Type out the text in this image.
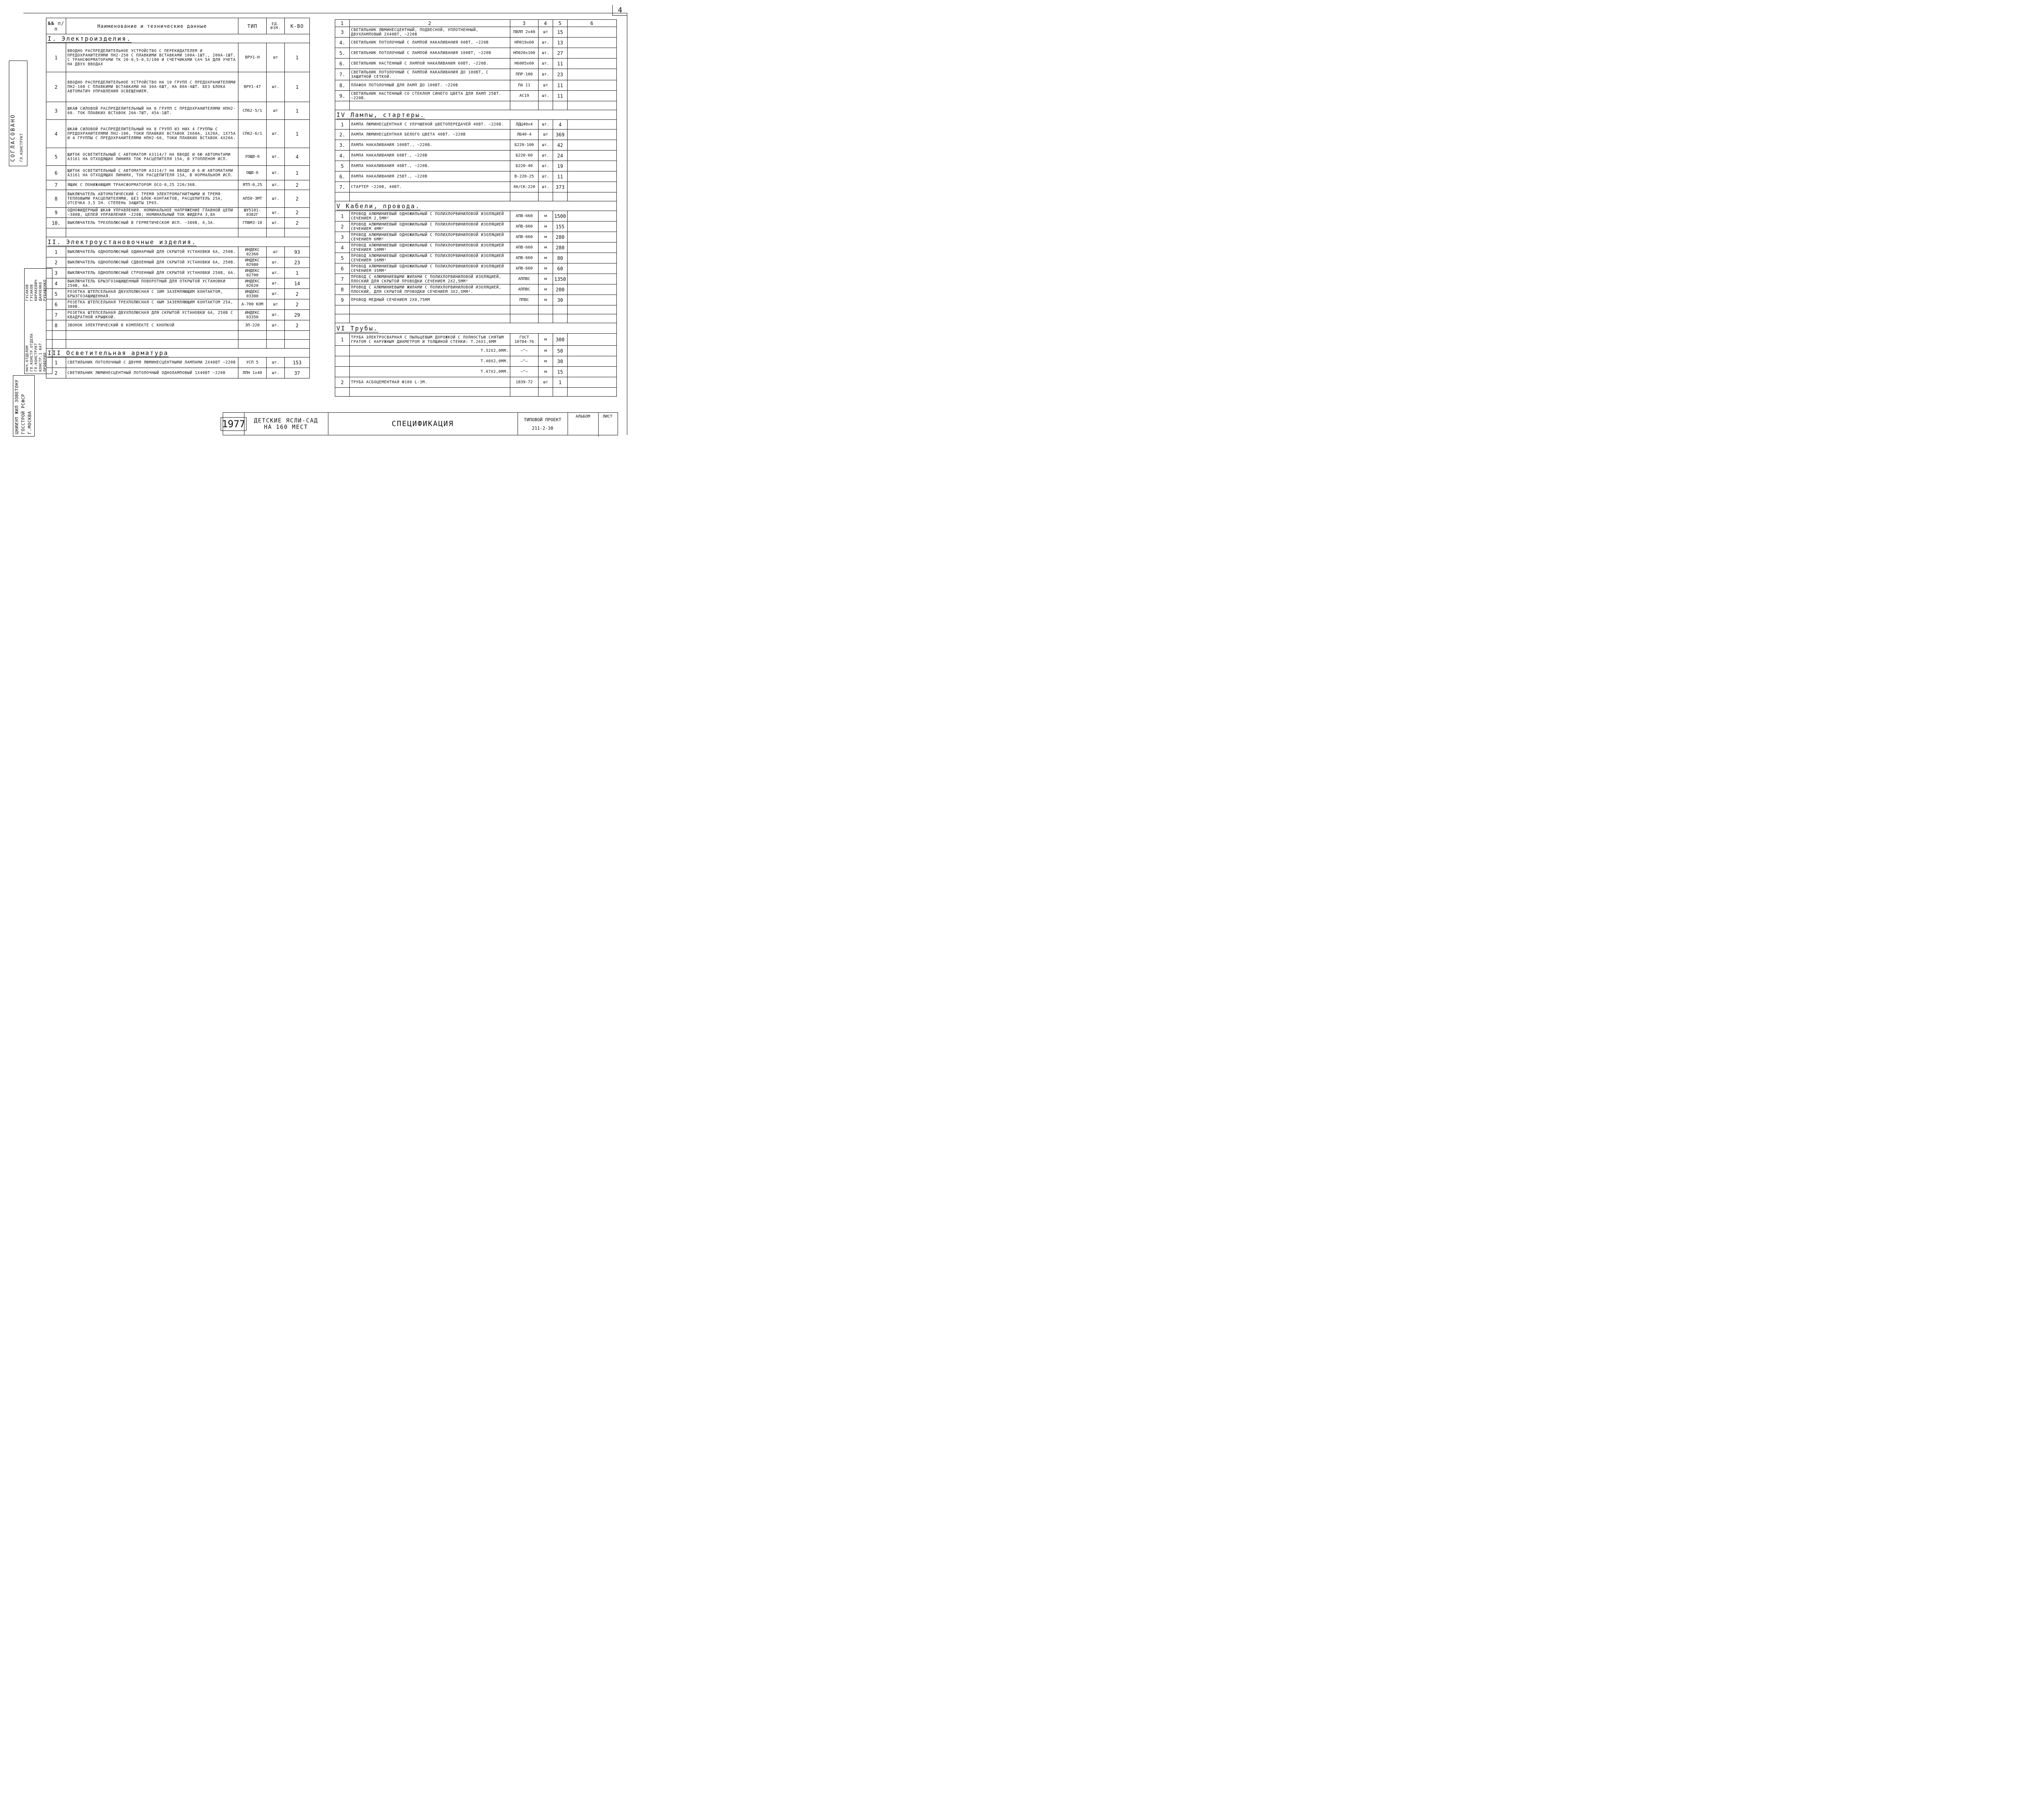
4
№№ п/п	Наименование и технические данные	ТИП	ЕД. ИЗМ.	К-ВО
I. Электроизделия.				
1	ВВОДНО РАСПРЕДЕЛИТЕЛЬНОЕ УСТРОЙСТВО С ПЕРЕКИДАТЕЛЕМ И ПРЕДОХРАНИТЕЛЯМИ ПН2-250 С ПЛАВКИМИ ВСТАВКАМИ 100А-1ШТ., 200А-1ШТ. С ТРАНСФОРМАТОРАМИ ТК 20-0,5-0,5/100 И СЧЕТЧИКАМИ САЧ 5А ДЛЯ УЧЕТА НА ДВУХ ВВОДАХ	ВРУ1-Н	шт	1
2	ВВОДНО РАСПРЕДЕЛИТЕЛЬНОЕ УСТРОЙСТВО НА 10 ГРУПП С ПРЕДОХРАНИТЕЛЯМИ ПН2-100 С ПЛАВКИМИ ВСТАВКАМИ НА 30А-6ШТ, НА 80А-4ШТ. БЕЗ БЛОКА АВТОМАТИЧ УПРАВЛЕНИЯ ОСВЕЩЕНИЕМ.	ВРУ1-47	шт.	1
3	ШКАФ СИЛОВОЙ РАСПРЕДЕЛИТЕЛЬНЫЙ НА 8 ГРУПП С ПРЕДОХРАНИТЕЛЯМИ НПН2-60. ТОК ПЛАВКИХ ВСТАВОК 20А-7ШТ, 45А-1ШТ.	СП62-5/1	шт	1
4	ШКАФ СИЛОВОЙ РАСПРЕДЕЛИТЕЛЬНЫЙ НА 8 ГРУПП ИЗ НИХ 4 ГРУППЫ С ПРЕДОХРАНИТЕЛЯМИ ПН2-100, ТОКИ ПЛАВКИХ ВСТАВОК 2Х60А, 1Х20А, 1Х75А И 4 ГРУППЫ С ПРЕДОХРАНИТЕЛЯМИ НПН2-60, ТОКИ ПЛАВКИХ ВСТАВОК 4Х20А.	СП62-6/1	шт.	1
5	ЩИТОК ОСВЕТИТЕЛЬНЫЙ С АВТОМАТОМ А3114/7 НА ВВОДЕ И 6Ю АВТОМАТАМИ А3161 НА ОТХОДЯЩИХ ЛИНИЯХ ТОК РАСЦЕПИТЕЛЯ 15А, В УТОПЛЕНОМ ИСП.	УОЩВ-6	шт.	4
6	ЩИТОК ОСВЕТИТЕЛЬНЫЙ С АВТОМАТОМ А3114/7 НА ВВОДЕ И 6-Ю АВТОМАТАМИ А3161 НА ОТХОДЯЩИХ ЛИНИЯХ, ТОК РАСЦЕПИТЕЛЯ 15А, В НОРМАЛЬНОМ ИСП.	ОЩВ-6	шт.	1
7	ЯЩИК С ПОНИЖАЮЩИМ ТРАНСФОРМАТОРОМ ОСО-0,25 220/36В.	ЯТП-0,25	шт.	2
8	ВЫКЛЮЧАТЕЛЬ АВТОМАТИЧЕСКИЙ С ТРЕМЯ ЭЛЕКТРОМАГНИТНЫМИ И ТРЕМЯ ТЕПЛОВЫМИ РАСЦЕПИТЕЛЯМИ, БЕЗ БЛОК-КОНТАКТОВ, РАСЦЕПИТЕЛЬ 25А, ОТСЕЧКА 3,5 IН. СТЕПЕНЬ ЗАЩИТЫ IР65.	АП50-3МТ	шт.	2
9	ОДНОФИДЕРНЫЙ ШКАФ УПРАВЛЕНИЯ. НОМИНАЛЬНОЕ НАПРЯЖЕНИЕ ГЛАВНОЙ ЦЕПИ ~380В, ЦЕПЕЙ УПРАВЛЕНИЯ ~220В; НОМИНАЛЬНЫЙ ТОК ФИДЕРА 3,8А	ШУ5101-0382Г	шт.	2
10.	ВЫКЛЮЧАТЕЛЬ ТРЕХПОЛЮСНЫЙ В ГЕРМЕТИЧЕСКОМ ИСП. ~380В, 6,3А.	ГПВМ3-10	шт.	2

II. Электроустановочные изделия.				
1	ВЫКЛЮЧАТЕЛЬ ОДНОПОЛЮСНЫЙ ОДИНАРНЫЙ ДЛЯ СКРЫТОЙ УСТАНОВКИ 6А, 250В.	ИНДЕКС 02360	шт	93
2	ВЫКЛЮЧАТЕЛЬ ОДНОПОЛЮСНЫЙ СДВОЕННЫЙ ДЛЯ СКРЫТОЙ УСТАНОВКИ 6А, 250В.	ИНДЕКС 02980	шт.	23
3	ВЫКЛЮЧАТЕЛЬ ОДНОПОЛЮСНЫЙ СТРОЕННЫЙ ДЛЯ СКРЫТОЙ УСТАНОВКИ 250В, 6А.	ИНДЕКС 02700	шт.	1
4	ВЫКЛЮЧАТЕЛЬ БРЫЗГОЗАЩИЩЕННЫЙ ПОВОРОТНЫЙ ДЛЯ ОТКРЫТОЙ УСТАНОВКИ 250В, 6А.	ИНДЕКС 02620	шт.	14
5	РОЗЕТКА ШТЕПСЕЛЬНАЯ ДВУХПОЛЮСНАЯ С 3ИМ ЗАЗЕМЛЯЮЩИМ КОНТАКТОМ, БРЫЗГОЗАЩИЩЕННАЯ.	ИНДЕКС 03300	шт.	2
6	РОЗЕТКА ШТЕПСЕЛЬНАЯ ТРЕХПОЛЮСНАЯ С 4ЫМ ЗАЗЕМЛЯЮЩИМ КОНТАКТОМ 25А, 380В.	А-700 КОМ	шт	2
7	РОЗЕТКА ШТЕПСЕЛЬНАЯ ДВУХПОЛЮСНАЯ ДЛЯ СКРЫТОЙ УСТАНОВКИ 6А, 250В С КВАДРАТНОЙ КРЫШКОЙ.	ИНДЕКС 03350	шт.	29
8	ЗВОНОК ЭЛЕКТРИЧЕСКИЙ В КОМПЛЕКТЕ С КНОПКОЙ	ЗП-220	шт.	2

III Осветительная арматура				
1	СВЕТИЛЬНИК ПОТОЛОЧНЫЙ С ДВУМЯ ЛЮМИНЕСЦЕНТНЫМИ ЛАМПАМИ 2Х40ВТ ~220В	УСП 5	шт.	153
2	СВЕТИЛЬНИК ЛЮМИНЕСЦЕНТНЫЙ ПОТОЛОЧНЫЙ ОДНОЛАМПОВЫЙ 1Х40ВТ ~220В	ЛПН 1х40	шт.	37
1	2	3	4	5	6
3	СВЕТИЛЬНИК ЛЮМИНЕСЦЕНТНЫЙ, ПОДВЕСНОЙ, УПЛОТНЕННЫЙ, ДВУХЛАМПОВЫЙ 2Х40ВТ, ~220В	ПВЛП 2х40	шт	15	
4.	СВЕТИЛЬНИК ПОТОЛОЧНЫЙ С ЛАМПОЙ НАКАЛИВАНИЯ 60ВТ, ~220В	НП019х60	шт.	13	
5.	СВЕТИЛЬНИК ПОТОЛОЧНЫЙ С ЛАМПОЙ НАКАЛИВАНИЯ 100ВТ, ~220В	НП020х100	шт.	27	
6.	СВЕТИЛЬНИК НАСТЕННЫЙ С ЛАМПОЙ НАКАЛИВАНИЯ 60ВТ, ~220В.	Н6005х60	шт.	11	
7.	СВЕТИЛЬНИК ПОТОЛОЧНЫЙ С ЛАМПОЙ НАКАЛИВАНИЯ ДО 100ВТ, С ЗАЩИТНОЙ СЕТКОЙ.	ППР-100	шт.	23	
8.	ПЛАФОН ПОТОЛОЧНЫЙ ДЛЯ ЛАМП ДО 100ВТ. ~220В	ПА 11	шт	11	
9.	СВЕТИЛЬНИК НАСТЕННЫЙ СО СТЕКЛОМ СИНЕГО ЦВЕТА ДЛЯ ЛАМП 25ВТ. ~220В.	АС19	шт.	11	

IV Лампы, стартеры.					
1	ЛАМПА ЛЮМИНЕСЦЕНТНАЯ С УЛУЧШЕНОЙ ЦВЕТОПЕРЕДАЧЕЙ 40ВТ. ~220В.	ЛДЦ40х4	шт.	4	
2.	ЛАМПА ЛЮМИНЕСЦЕНТНАЯ БЕЛОГО ЦВЕТА 40ВТ. ~220В	ЛБ40-4	шт	369	
3.	ЛАМПА НАКАЛИВАНИЯ 100ВТ., ~220В.	Б220-100	шт.	42	
4.	ЛАМПА НАКАЛИВАНИЯ 60ВТ., ~220В	Б220-60	шт.	24	
5	ЛАМПА НАКАЛИВАНИЯ 40ВТ., ~220В.	Б220-40	шт.	19	
6.	ЛАМПА НАКАЛИВАНИЯ 25ВТ., ~220В	В-220-25	шт.	11	
7.	СТАРТЕР ~220В, 40ВТ.	40/СК-220	шт.	373	

V Кабели, провода.					
1	ПРОВОД АЛЮМИНИЕВЫЙ ОДНОЖИЛЬНЫЙ С ПОЛИХЛОРВИНИЛОВОЙ ИЗОЛЯЦИЕЙ СЕЧЕНИЕМ 2,5ММ²	АПВ-660	м	1500	
2	ПРОВОД АЛЮМИНИЕВЫЙ ОДНОЖИЛЬНЫЙ С ПОЛИХЛОРВИНИЛОВОЙ ИЗОЛЯЦИЕЙ СЕЧЕНИЕМ 4ММ²	АПВ-660	м	155	
3	ПРОВОД АЛЮМИНИЕВЫЙ ОДНОЖИЛЬНЫЙ С ПОЛИХЛОРВИНИЛОВОЙ ИЗОЛЯЦИЕЙ СЕЧЕНИЕМ 6ММ²	АПВ-660	м	280	
4	ПРОВОД АЛЮМИНИЕВЫЙ ОДНОЖИЛЬНЫЙ С ПОЛИХЛОРВИНИЛОВОЙ ИЗОЛЯЦИЕЙ СЕЧЕНИЕМ 10ММ²	АПВ-660	м	280	
5	ПРОВОД АЛЮМИНИЕВЫЙ ОДНОЖИЛЬНЫЙ С ПОЛИХЛОРВИНИЛОВОЙ ИЗОЛЯЦИЕЙ СЕЧЕНИЕМ 16ММ²	АПВ-660	м	80	
6	ПРОВОД АЛЮМИНИЕВЫЙ ОДНОЖИЛЬНЫЙ С ПОЛИХЛОРВИНИЛОВОЙ ИЗОЛЯЦИЕЙ СЕЧЕНИЕМ 35ММ²	АПВ-660	м	60	
7	ПРОВОД С АЛЮМИНИЕВЫМИ ЖИЛАМИ С ПОЛИХЛОРВИНИЛОВОЙ ИЗОЛЯЦИЕЙ, ПЛОСКИЙ ДЛЯ СКРЫТОЙ ПРОВОДКИ СЕЧЕНИЕМ 2Х2,5ММ²	АППВС	м	1350	
8	ПРОВОД С АЛЮМИНИЕВЫМИ ЖИЛАМИ С ПОЛИХЛОРВИНИЛОВОЙ ИЗОЛЯЦИЕЙ, ПЛОСКИЙ, ДЛЯ СКРЫТОЙ ПРОВОДКИ СЕЧЕНИЕМ 3Х2,5ММ².	АППВС	м	200	
9	ПРОВОД МЕДНЫЙ СЕЧЕНИЕМ 2Х0,75ММ	ППВС	м	30	

VI Трубы.					
1	ТРУБА ЭЛЕКТРОСВАРНАЯ С ПЫЛЬЦЕВЫМ ДОРОЖКОЙ С ПОЛНОСТЬЮ СНЯТЫМ ГРАТОМ С НАРУЖНЫМ ДИАМЕТРОМ И ТОЛЩИНОЙ СТЕНКИ: Т.26Х1,8ММ	ГОСТ 10704-76	м	300	
	Т.32Х2,0ММ.	—"—	м	50	
	Т.40Х2,0ММ.	—"—	м	30	
	Т.47Х2,0ММ.	—"—	м	15	
2	ТРУБА АСБОЦЕМЕНТНАЯ Ф100 L-3М.	1839-72	шт	1	

СОГЛАСОВАНО ГЛ.КОНСТРУКТ
НАЧ.ОТДЕЛОМ ГЛ.КОНСТР.ОТДЕЛА ГЛ.КОНСТРУКТ КОНСТР.1 КАТ. ПРОВЕРИЛ
ГУСАКОВ ГУСАКОВ КИРАКЕВИЧ ДАНЧЕНКО РУБАШЕНКО
ЦНИИЭП ЖИЛ ЗОВЕТОНУ ГОССТРОЙ РСФСР Г.МОСКВА	1977	ДЕТСКИЕ ЯСЛИ-САД НА 160 МЕСТ	СПЕЦИФИКАЦИЯ	ТИПОВОЙ ПРОЕКТ
211-2-38
АЛЬБОМ	ЛИСТ
